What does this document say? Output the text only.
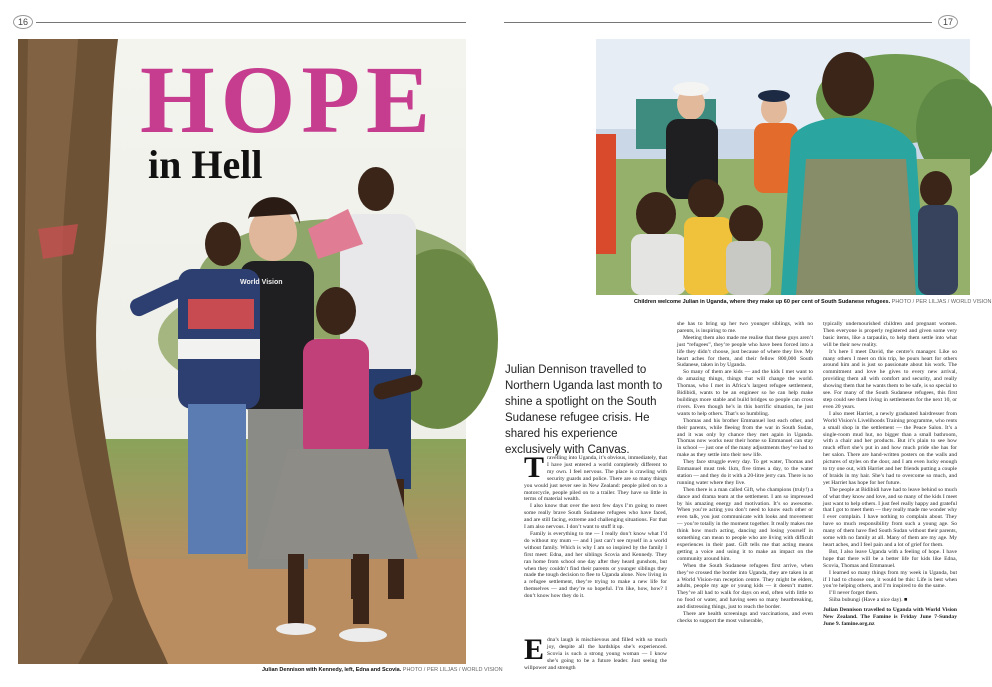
16	17
World Vision
HOPE
in Hell
Julian Dennison with Kennedy, left, Edna and Scovia. PHOTO / PER LILJAS / WORLD VISION
Children welcome Julian in Uganda, where they make up 60 per cent of South Sudanese refugees. PHOTO / PER LILJAS / WORLD VISION
Julian Dennison travelled to Northern Uganda last month to shine a spotlight on the South Sudanese refugee crisis. He shared his experience exclusively with Canvas.
T ravelling into Uganda, it’s obvious, immediately, that I have just entered a world completely different to my own. I feel nervous. The place is crawling with security guards and police. There are so many things you would just never see in New Zealand: people piled on to a motorcycle, people piled on to a trailer. They have so little in terms of material wealth.

I also know that over the next few days I’m going to meet some really brave South Sudanese refugees who have faced, and are still facing, extreme and challenging situations. For that I am also nervous. I don’t want to stuff it up.

Family is everything to me — I really don’t know what I’d do without my mum — and I just can’t see myself in a world without family. Which is why I am so inspired by the family I first meet: Edna, and her siblings Scovia and Kennedy. They ran home from school one day after they heard gunshots, but when they couldn’t find their parents or younger siblings they made the tough decision to flee to Uganda alone. Now living in a refugee settlement, they’re trying to make a new life for themselves — and they’re so hopeful. I’m like, how, how? I don’t know how they do it.

E dna’s laugh is mischievous and filled with so much joy, despite all the hardships she’s experienced. Scovia is such a strong young woman — I know she’s going to be a future leader. Just seeing the willpower and strength

she has to bring up her two younger siblings, with no parents, is inspiring to me.

Meeting them also made me realise that these guys aren’t just “refugees”, they’re people who have been forced into a life they didn’t choose, just because of where they live. My heart aches for them, and their fellow 800,000 South Sudanese, taken in by Uganda.

So many of them are kids — and the kids I met want to do amazing things, things that will change the world. Thomas, who I met in Africa’s largest refugee settlement, Bidibidi, wants to be an engineer so he can help make buildings more stable and build bridges so people can cross rivers. Even though he’s in this horrific situation, he just wants to help others. That’s so humbling.

Thomas and his brother Emmanuel lost each other, and their parents, while fleeing from the war in South Sudan, and it was only by chance they met again in Uganda. Thomas now works near their home so Emmanuel can stay in school — just one of the many adjustments they’ve had to make as they settle into their new life.

They face struggle every day. To get water, Thomas and Emmanuel must trek 1km, five times a day, to the water station — and they do it with a 20-litre jerry can. There is no running water where they live.

Then there is a man called Gift, who champions (truly!) a dance and drama team at the settlement. I am so impressed by his amazing energy and motivation. It’s so awesome. When you’re acting you don’t need to know each other or even talk, you just communicate with looks and movement — you’re totally in the moment together. It really makes me think how much acting, dancing and losing yourself in something can mean to people who are living with difficult experiences in their past. Gift tells me that acting means getting a voice and using it to make an impact on the community around him.

When the South Sudanese refugees first arrive, when they’ve crossed the border into Uganda, they are taken in at a World Vision-run reception centre. They might be elders, adults, people my age or young kids — it doesn’t matter. They’ve all had to walk for days on end, often with little to no food or water, and having seen so many heartbreaking, and distressing things, just to reach the border.

There are health screenings and vaccinations, and even checks to support the most vulnerable,

typically undernourished children and pregnant women. Then everyone is properly registered and given some very basic items, like a tarpaulin, to help them settle into what will be their new reality.

It’s here I meet David, the centre’s manager. Like so many others I meet on this trip, he pours heart for others around him and is just so passionate about his work. The commitment and love he gives to every new arrival, providing them all with comfort and security, and really showing them that he wants them to be safe, is so special to see. For many of the South Sudanese refugees, this first step could see them living in settlements for the next 10, or even 20 years.

I also meet Harriet, a newly graduated hairdresser from World Vision’s Livelihoods Training programme, who rents a small shop in the settlement — the Peace Salon. It’s a single-room mud hut, no bigger than a small bathroom, with a chair and her products. But it’s plain to see how much effort she’s put in and how much pride she has for her salon. There are hand-written posters on the walls and pictures of styles on the door, and I am even lucky enough to try one out, with Harriet and her friends putting a couple of braids in my hair. She’s had to overcome so much, and yet Harriet has hope for her future.

The people at Bidibidi have had to leave behind so much of what they know and love, and so many of the kids I meet just want to help others. I just feel really happy and grateful that I got to meet them — they really made me wonder why I ever complain. I have nothing to complain about. They have so much responsibility from such a young age. So many of them have fled South Sudan without their parents, some with no family at all. Many of them are my age. My heart aches, and I feel pain and a lot of grief for them.

But, I also leave Uganda with a feeling of hope. I have hope that there will be a better life for kids like Edna, Scovia, Thomas and Emmanuel.

I learned so many things from my week in Uganda, but if I had to choose one, it would be this: Life is best when you’re helping others, and I’m inspired to do the same.

I’ll never forget them.

Siiba bubungi (Have a nice day). ■

Julian Dennison travelled to Uganda with World Vision New Zealand. The Famine is Friday June 7-Sunday June 9. famine.org.nz
